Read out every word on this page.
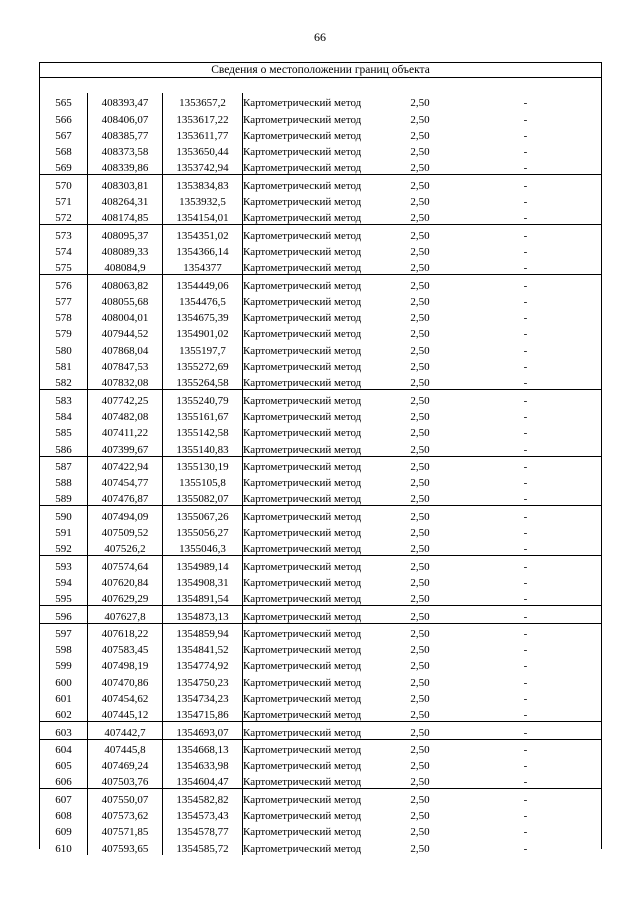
66
Сведения о местоположении границ объекта
565	408393,47	1353657,2	Картометрический метод	2,50	-
566	408406,07	1353617,22	Картометрический метод	2,50	-
567	408385,77	1353611,77	Картометрический метод	2,50	-
568	408373,58	1353650,44	Картометрический метод	2,50	-
569	408339,86	1353742,94	Картометрический метод	2,50	-
570	408303,81	1353834,83	Картометрический метод	2,50	-
571	408264,31	1353932,5	Картометрический метод	2,50	-
572	408174,85	1354154,01	Картометрический метод	2,50	-
573	408095,37	1354351,02	Картометрический метод	2,50	-
574	408089,33	1354366,14	Картометрический метод	2,50	-
575	408084,9	1354377	Картометрический метод	2,50	-
576	408063,82	1354449,06	Картометрический метод	2,50	-
577	408055,68	1354476,5	Картометрический метод	2,50	-
578	408004,01	1354675,39	Картометрический метод	2,50	-
579	407944,52	1354901,02	Картометрический метод	2,50	-
580	407868,04	1355197,7	Картометрический метод	2,50	-
581	407847,53	1355272,69	Картометрический метод	2,50	-
582	407832,08	1355264,58	Картометрический метод	2,50	-
583	407742,25	1355240,79	Картометрический метод	2,50	-
584	407482,08	1355161,67	Картометрический метод	2,50	-
585	407411,22	1355142,58	Картометрический метод	2,50	-
586	407399,67	1355140,83	Картометрический метод	2,50	-
587	407422,94	1355130,19	Картометрический метод	2,50	-
588	407454,77	1355105,8	Картометрический метод	2,50	-
589	407476,87	1355082,07	Картометрический метод	2,50	-
590	407494,09	1355067,26	Картометрический метод	2,50	-
591	407509,52	1355056,27	Картометрический метод	2,50	-
592	407526,2	1355046,3	Картометрический метод	2,50	-
593	407574,64	1354989,14	Картометрический метод	2,50	-
594	407620,84	1354908,31	Картометрический метод	2,50	-
595	407629,29	1354891,54	Картометрический метод	2,50	-
596	407627,8	1354873,13	Картометрический метод	2,50	-
597	407618,22	1354859,94	Картометрический метод	2,50	-
598	407583,45	1354841,52	Картометрический метод	2,50	-
599	407498,19	1354774,92	Картометрический метод	2,50	-
600	407470,86	1354750,23	Картометрический метод	2,50	-
601	407454,62	1354734,23	Картометрический метод	2,50	-
602	407445,12	1354715,86	Картометрический метод	2,50	-
603	407442,7	1354693,07	Картометрический метод	2,50	-
604	407445,8	1354668,13	Картометрический метод	2,50	-
605	407469,24	1354633,98	Картометрический метод	2,50	-
606	407503,76	1354604,47	Картометрический метод	2,50	-
607	407550,07	1354582,82	Картометрический метод	2,50	-
608	407573,62	1354573,43	Картометрический метод	2,50	-
609	407571,85	1354578,77	Картометрический метод	2,50	-
610	407593,65	1354585,72	Картометрический метод	2,50	-
